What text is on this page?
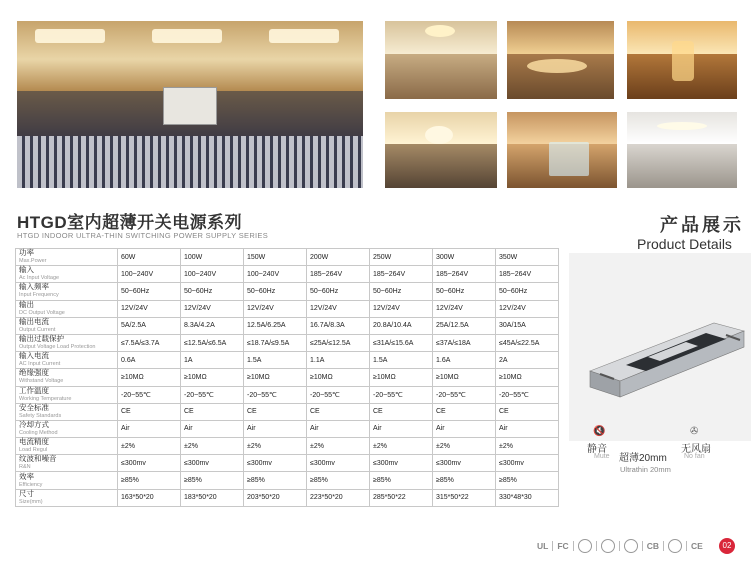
HTGD室内超薄开关电源系列
HTGD INDOOR ULTRA-THIN SWITCHING POWER SUPPLY SERIES
功率
Max.Power	60W	100W	150W	200W	250W	300W	350W

输入
Ac Input Voltage	100~240V	100~240V	100~240V	185~264V	185~264V	185~264V	185~264V

输入频率
Input Frequency	50~60Hz	50~60Hz	50~60Hz	50~60Hz	50~60Hz	50~60Hz	50~60Hz

输出
DC Output Voltage	12V/24V	12V/24V	12V/24V	12V/24V	12V/24V	12V/24V	12V/24V

输出电流
Output Current	5A/2.5A	8.3A/4.2A	12.5A/6.25A	16.7A/8.3A	20.8A/10.4A	25A/12.5A	30A/15A

输出过载保护
Output Voltage Load Protection	≤7.5A/≤3.7A	≤12.5A/≤6.5A	≤18.7A/≤9.5A	≤25A/≤12.5A	≤31A/≤15.6A	≤37A/≤18A	≤45A/≤22.5A

输入电流
AC Input Current	0.6A	1A	1.5A	1.1A	1.5A	1.6A	2A

绝缘强度
Withstand Voltage	≥10MΩ	≥10MΩ	≥10MΩ	≥10MΩ	≥10MΩ	≥10MΩ	≥10MΩ

工作温度
Working Temperature	-20~55℃	-20~55℃	-20~55℃	-20~55℃	-20~55℃	-20~55℃	-20~55℃

安全标准
Safety Standards	CE	CE	CE	CE	CE	CE	CE

冷却方式
Cooling Method	Air	Air	Air	Air	Air	Air	Air

电流精度
Load Regul	±2%	±2%	±2%	±2%	±2%	±2%	±2%

纹波和噪音
R&N	≤300mv	≤300mv	≤300mv	≤300mv	≤300mv	≤300mv	≤300mv

效率
Efficiency	≥85%	≥85%	≥85%	≥85%	≥85%	≥85%	≥85%

尺寸
Size(mm)	163*50*20	183*50*20	203*50*20	223*50*20	285*50*22	315*50*22	330*48*30
产品展示
Product Details
🔇	✇
静音
Mute
无风扇
No fan
超薄20mm
Ultrathin 20mm
UL FC	CB	CE	02
